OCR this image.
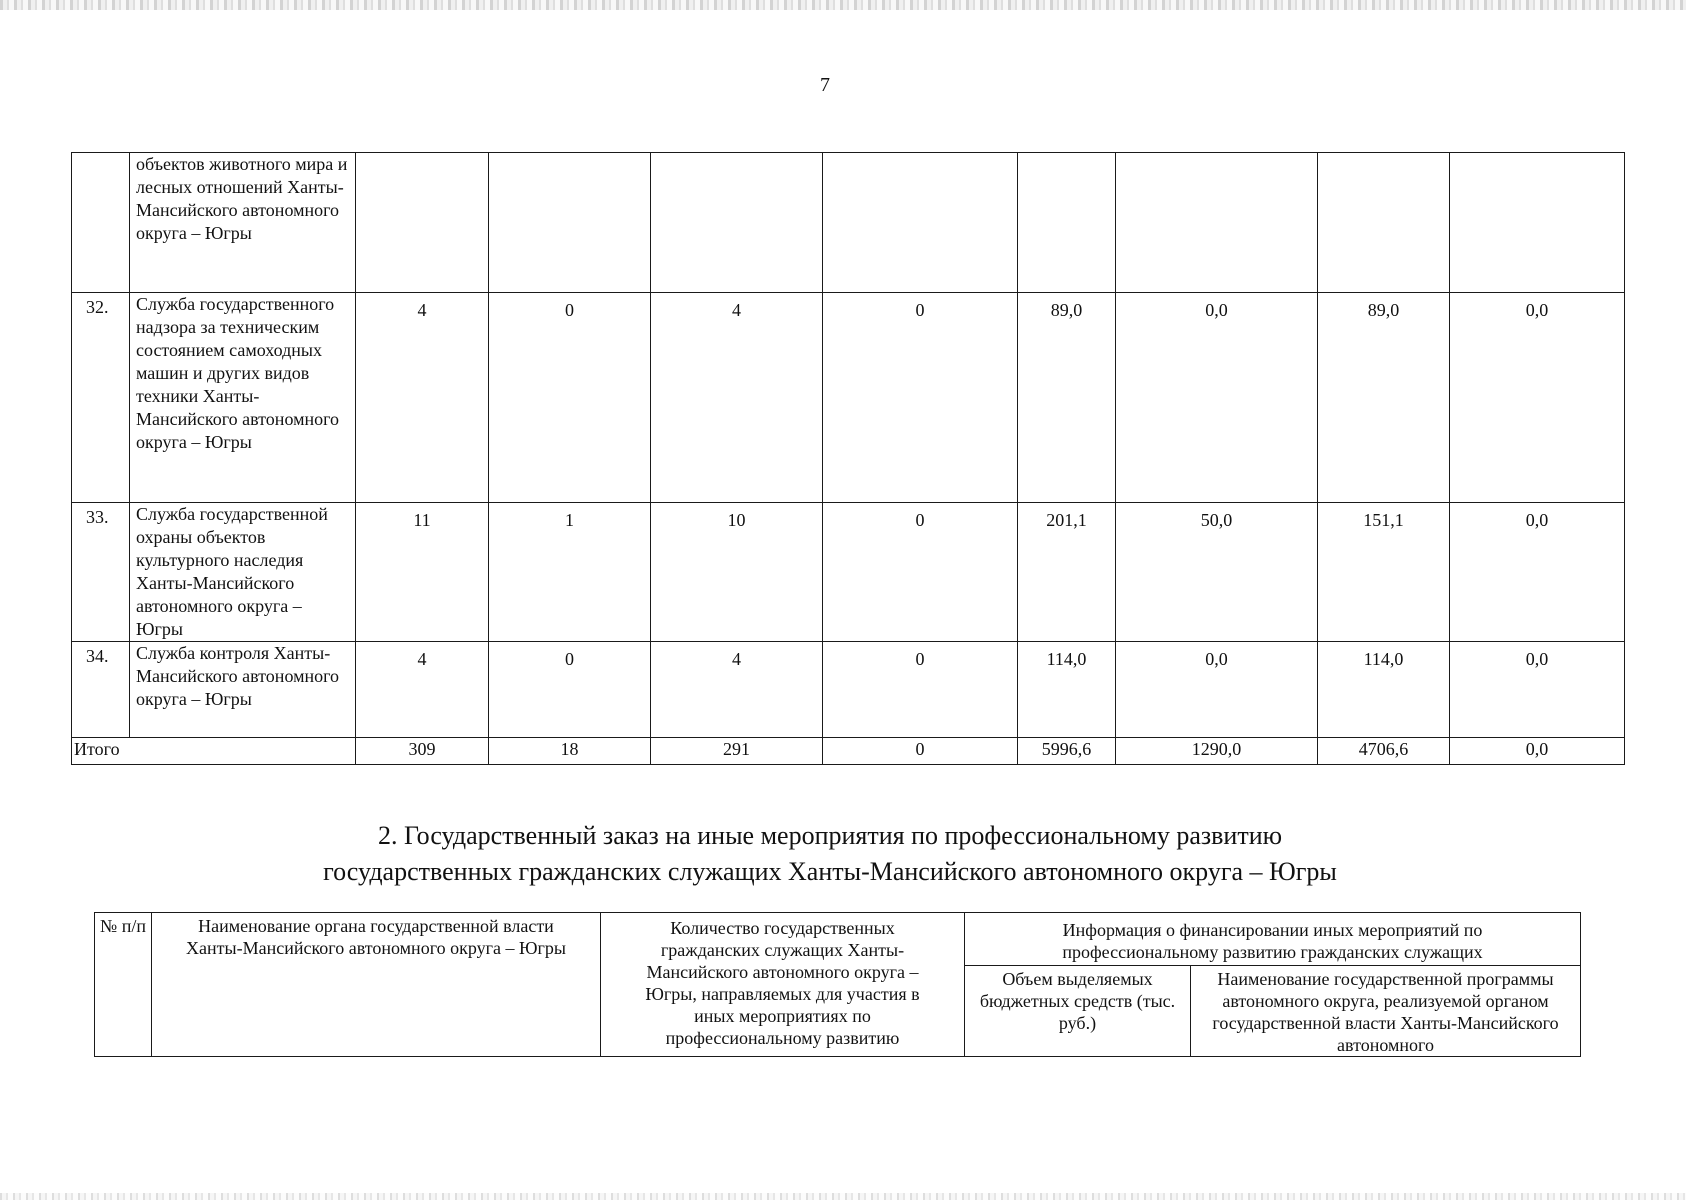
7
	объектов животного мира и лесных отношений Ханты-Мансийского автономного округа – Югры								
32.	Служба государственного надзора за техническим состоянием самоходных машин и других видов техники Ханты-Мансийского автономного округа – Югры	4	0	4	0	89,0	0,0	89,0	0,0
33.	Служба государственной охраны объектов культурного наследия Ханты-Мансийского автономного округа – Югры	11	1	10	0	201,1	50,0	151,1	0,0
34.	Служба контроля Ханты-Мансийского автономного округа – Югры	4	0	4	0	114,0	0,0	114,0	0,0
Итого		309	18	291	0	5996,6	1290,0	4706,6	0,0
2. Государственный заказ на иные мероприятия по профессиональному развитию
государственных гражданских служащих Ханты-Мансийского автономного округа – Югры
№ п/п	Наименование органа государственной власти Ханты-Мансийского автономного округа – Югры	Количество государственных гражданских служащих Ханты-Мансийского автономного округа – Югры, направляемых для участия в иных мероприятиях по профессиональному развитию	Информация о финансировании иных мероприятий по профессиональному развитию гражданских служащих	
			Объем выделяемых бюджетных средств (тыс. руб.)	Наименование государственной программы автономного округа, реализуемой органом государственной власти Ханты-Мансийского автономного
